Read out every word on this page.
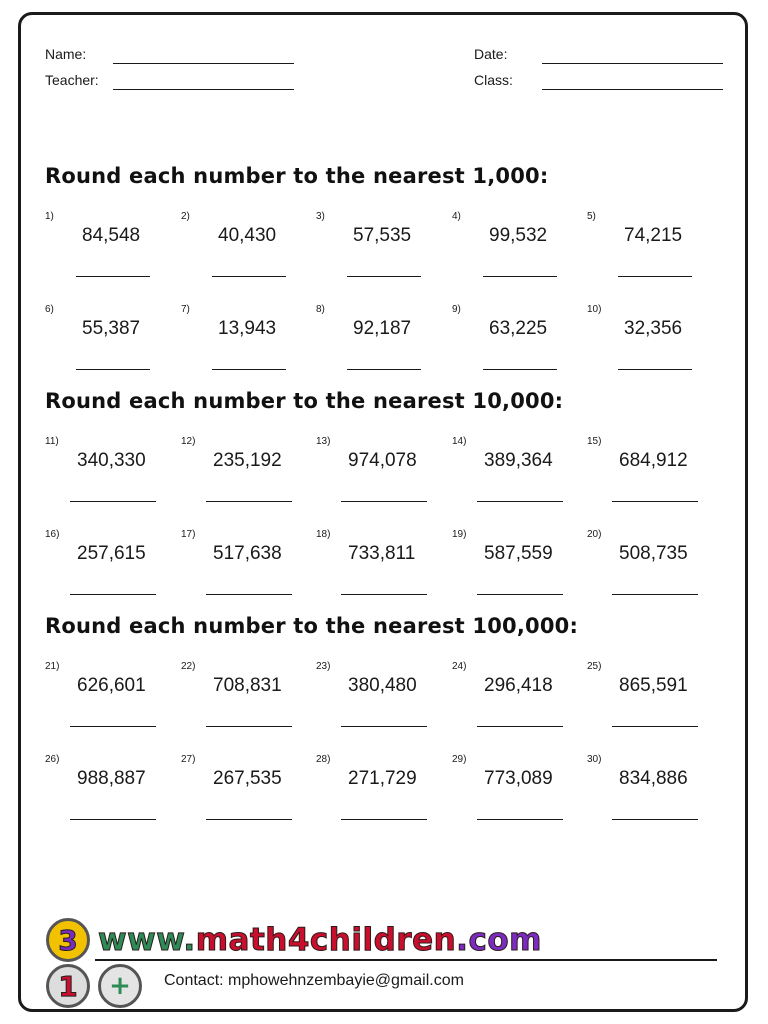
Name:
Teacher:
Date:
Class:
Round each number to the nearest 1,000:
1)
84,548
2)
40,430
3)
57,535
4)
99,532
5)
74,215
6)
55,387
7)
13,943
8)
92,187
9)
63,225
10)
32,356
Round each number to the nearest 10,000:
11)
340,330
12)
235,192
13)
974,078
14)
389,364
15)
684,912
16)
257,615
17)
517,638
18)
733,811
19)
587,559
20)
508,735
Round each number to the nearest 100,000:
21)
626,601
22)
708,831
23)
380,480
24)
296,418
25)
865,591
26)
988,887
27)
267,535
28)
271,729
29)
773,089
30)
834,886
3
1 +
www.math4children.com
Contact: mphowehnzembayie@gmail.com
